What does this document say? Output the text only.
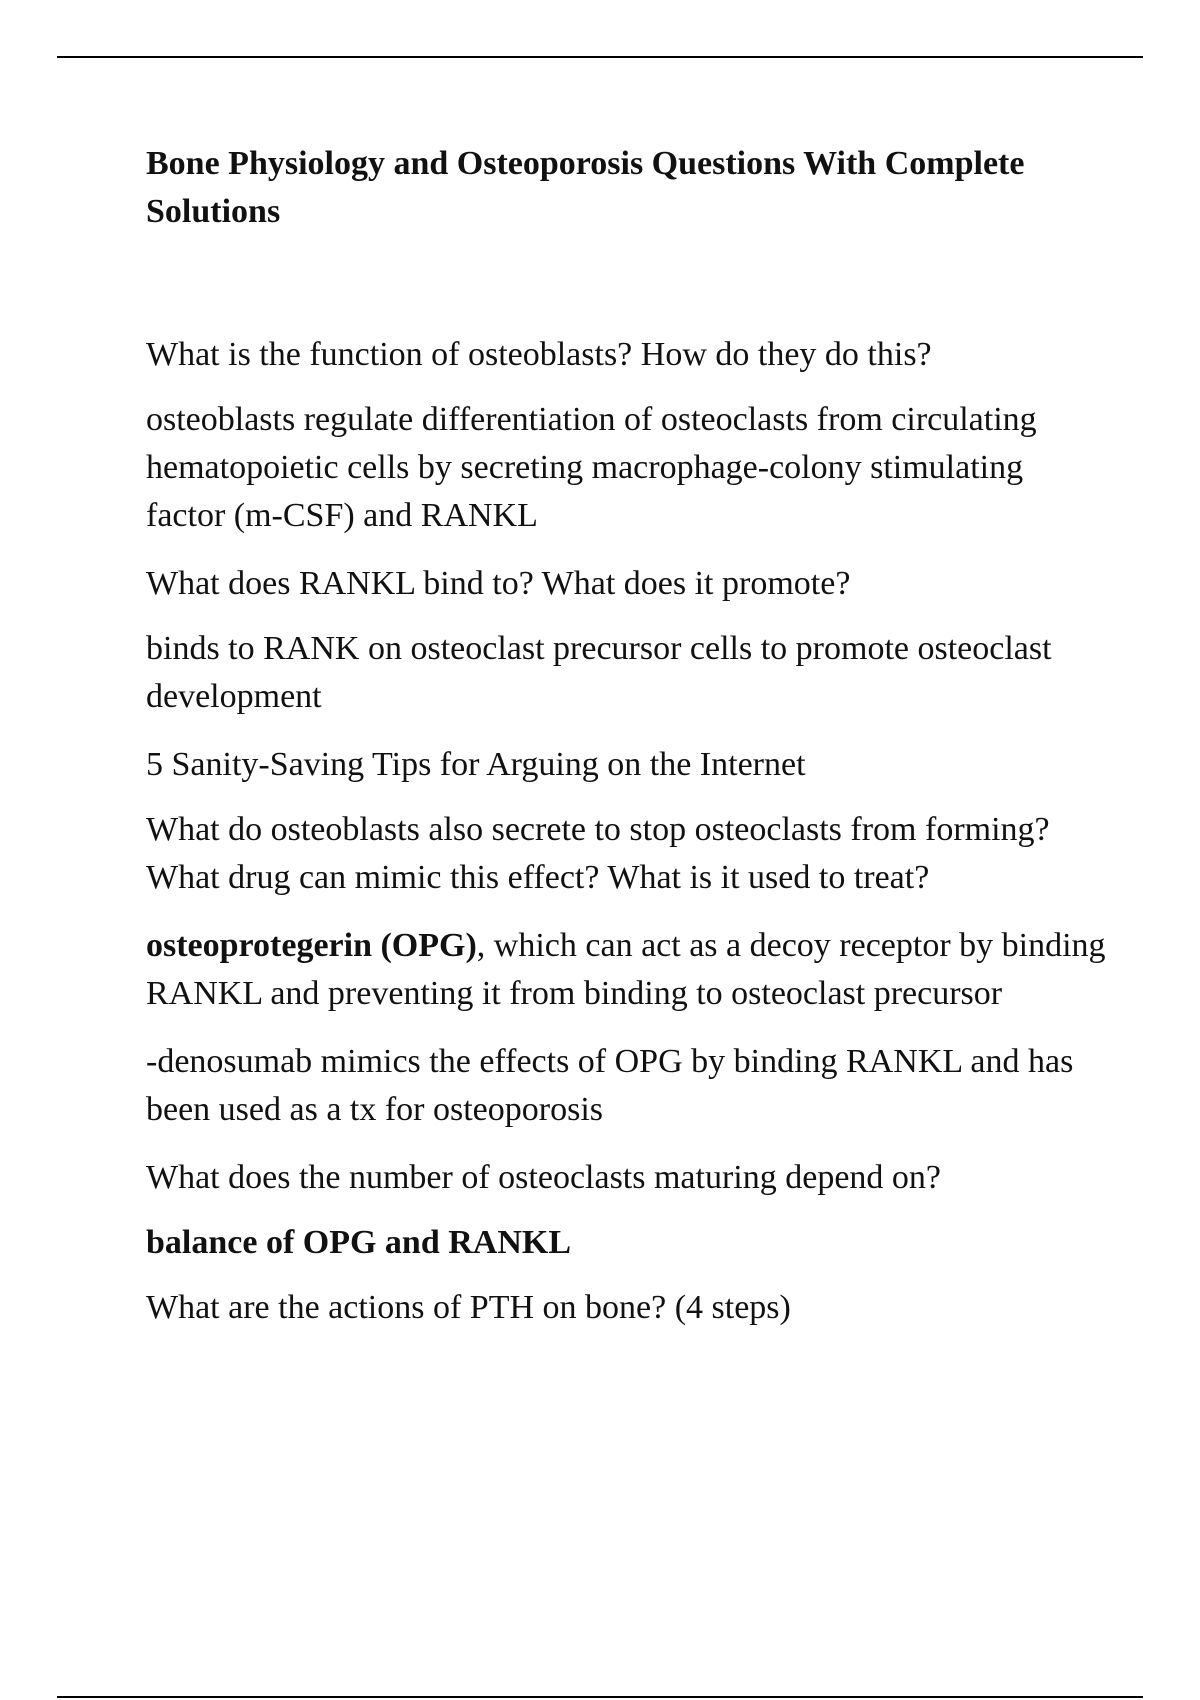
Bone Physiology and Osteoporosis Questions With Complete Solutions

What is the function of osteoblasts? How do they do this?

osteoblasts regulate differentiation of osteoclasts from circulating hematopoietic cells by secreting macrophage-colony stimulating factor (m-CSF) and RANKL

What does RANKL bind to? What does it promote?

binds to RANK on osteoclast precursor cells to promote osteoclast development

5 Sanity-Saving Tips for Arguing on the Internet

What do osteoblasts also secrete to stop osteoclasts from forming? What drug can mimic this effect? What is it used to treat?

osteoprotegerin (OPG), which can act as a decoy receptor by binding RANKL and preventing it from binding to osteoclast precursor

-denosumab mimics the effects of OPG by binding RANKL and has been used as a tx for osteoporosis

What does the number of osteoclasts maturing depend on?

balance of OPG and RANKL

What are the actions of PTH on bone? (4 steps)
